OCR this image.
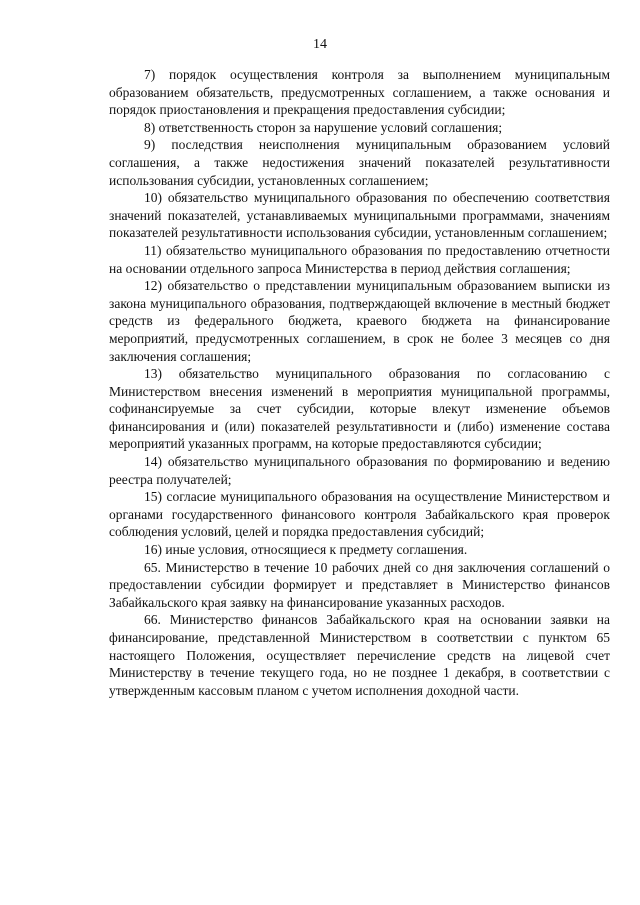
14

7) порядок осуществления контроля за выполнением муниципальным образованием обязательств, предусмотренных соглашением, а также основания и порядок приостановления и прекращения предоставления субсидии;

8) ответственность сторон за нарушение условий соглашения;

9) последствия неисполнения муниципальным образованием условий соглашения, а также недостижения значений показателей результативности использования субсидии, установленных соглашением;

10) обязательство муниципального образования по обеспечению соответствия значений показателей, устанавливаемых муниципальными программами, значениям показателей результативности использования субсидии, установленным соглашением;

11) обязательство муниципального образования по предоставлению отчетности на основании отдельного запроса Министерства в период действия соглашения;

12) обязательство о представлении муниципальным образованием выписки из закона муниципального образования, подтверждающей включение в местный бюджет средств из федерального бюджета, краевого бюджета на финансирование мероприятий, предусмотренных соглашением, в срок не более 3 месяцев со дня заключения соглашения;

13) обязательство муниципального образования по согласованию с Министерством внесения изменений в мероприятия муниципальной программы, софинансируемые за счет субсидии, которые влекут изменение объемов финансирования и (или) показателей результативности и (либо) изменение состава мероприятий указанных программ, на которые предоставляются субсидии;

14) обязательство муниципального образования по формированию и ведению реестра получателей;

15) согласие муниципального образования на осуществление Министерством и органами государственного финансового контроля Забайкальского края проверок соблюдения условий, целей и порядка предоставления субсидий;

16) иные условия, относящиеся к предмету соглашения.

65. Министерство в течение 10 рабочих дней со дня заключения соглашений о предоставлении субсидии формирует и представляет в Министерство финансов Забайкальского края заявку на финансирование указанных расходов.

66. Министерство финансов Забайкальского края на основании заявки на финансирование, представленной Министерством в соответствии с пунктом 65 настоящего Положения, осуществляет перечисление средств на лицевой счет Министерству в течение текущего года, но не позднее 1 декабря, в соответствии с утвержденным кассовым планом с учетом исполнения доходной части.
